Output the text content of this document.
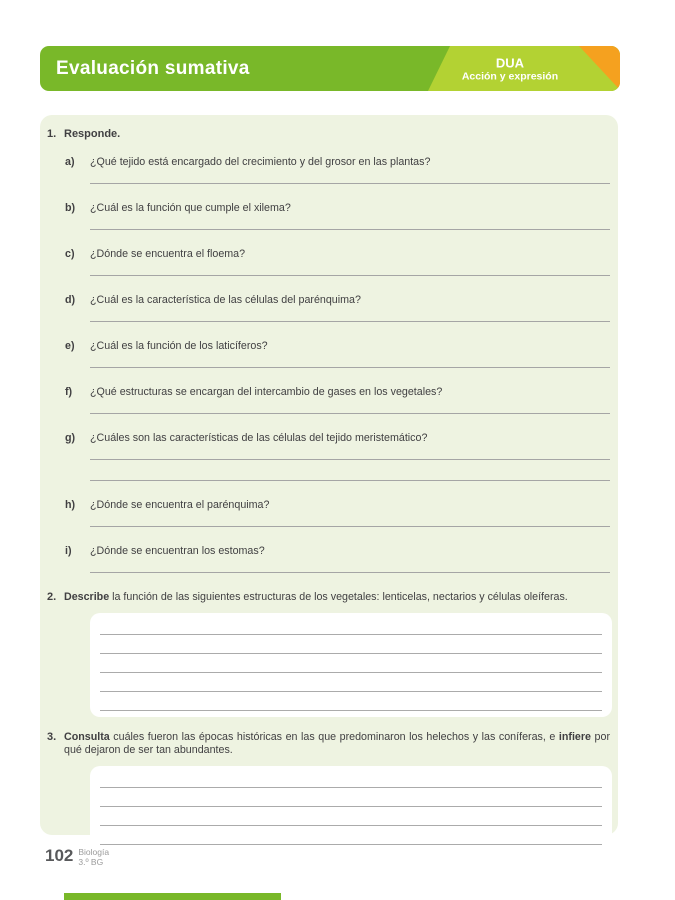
Evaluación sumativa	DUA
Acción y expresión
1. Responde.
a) ¿Qué tejido está encargado del crecimiento y del grosor en las plantas?
b) ¿Cuál es la función que cumple el xilema?
c) ¿Dónde se encuentra el floema?
d) ¿Cuál es la característica de las células del parénquima?
e) ¿Cuál es la función de los laticíferos?
f) ¿Qué estructuras se encargan del intercambio de gases en los vegetales?
g) ¿Cuáles son las características de las células del tejido meristemático?
h) ¿Dónde se encuentra el parénquima?
i) ¿Dónde se encuentran los estomas?
2. Describe la función de las siguientes estructuras de los vegetales: lenticelas, nectarios y células oleíferas.
3. Consulta cuáles fueron las épocas históricas en las que predominaron los helechos y las coníferas, e infiere por qué dejaron de ser tan abundantes.
102 Biología
3.º BG
